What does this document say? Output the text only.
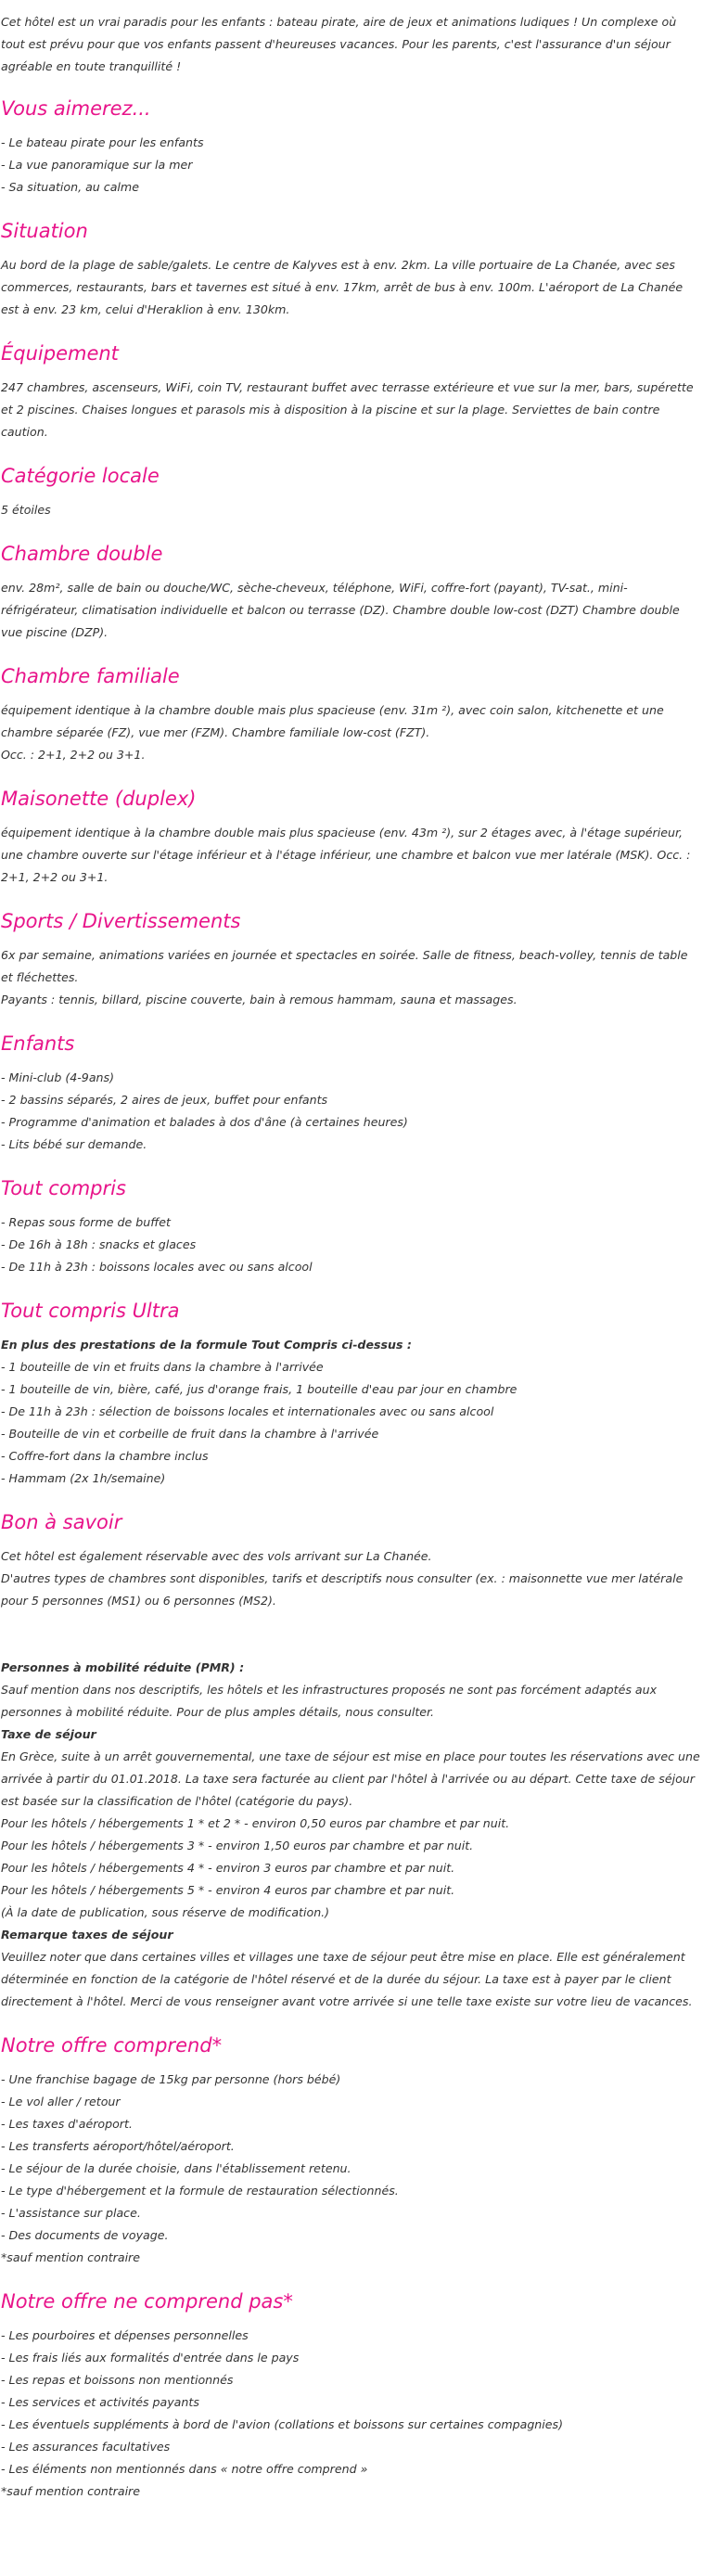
Cet hôtel est un vrai paradis pour les enfants : bateau pirate, aire de jeux et animations ludiques ! Un complexe où tout est prévu pour que vos enfants passent d'heureuses vacances. Pour les parents, c'est l'assurance d'un séjour agréable en toute tranquillité !

Vous aimerez...
- Le bateau pirate pour les enfants
- La vue panoramique sur la mer
- Sa situation, au calme
Situation
Au bord de la plage de sable/galets. Le centre de Kalyves est à env. 2km. La ville portuaire de La Chanée, avec ses commerces, restaurants, bars et tavernes est situé à env. 17km, arrêt de bus à env. 100m. L'aéroport de La Chanée est à env. 23 km, celui d'Heraklion à env. 130km.
Équipement
247 chambres, ascenseurs, WiFi, coin TV, restaurant buffet avec terrasse extérieure et vue sur la mer, bars, supérette et 2 piscines. Chaises longues et parasols mis à disposition à la piscine et sur la plage. Serviettes de bain contre caution.
Catégorie locale
5 étoiles
Chambre double
env. 28m², salle de bain ou douche/WC, sèche-cheveux, téléphone, WiFi, coffre-fort (payant), TV-sat., mini-réfrigérateur, climatisation individuelle et balcon ou terrasse (DZ). Chambre double low-cost (DZT) Chambre double vue piscine (DZP).
Chambre familiale
équipement identique à la chambre double mais plus spacieuse (env. 31m ²), avec coin salon, kitchenette et une chambre séparée (FZ), vue mer (FZM). Chambre familiale low-cost (FZT).
Occ. : 2+1, 2+2 ou 3+1.
Maisonette (duplex)
équipement identique à la chambre double mais plus spacieuse (env. 43m ²), sur 2 étages avec, à l'étage supérieur, une chambre ouverte sur l'étage inférieur et à l'étage inférieur, une chambre et balcon vue mer latérale (MSK). Occ. : 2+1, 2+2 ou 3+1.
Sports / Divertissements
6x par semaine, animations variées en journée et spectacles en soirée. Salle de fitness, beach-volley, tennis de table et fléchettes.
Payants : tennis, billard, piscine couverte, bain à remous hammam, sauna et massages.
Enfants
- Mini-club (4-9ans)
- 2 bassins séparés, 2 aires de jeux, buffet pour enfants
- Programme d'animation et balades à dos d'âne (à certaines heures)
- Lits bébé sur demande.
Tout compris
- Repas sous forme de buffet
- De 16h à 18h : snacks et glaces
- De 11h à 23h : boissons locales avec ou sans alcool
Tout compris Ultra
En plus des prestations de la formule Tout Compris ci-dessus :
- 1 bouteille de vin et fruits dans la chambre à l'arrivée
- 1 bouteille de vin, bière, café, jus d'orange frais, 1 bouteille d'eau par jour en chambre
- De 11h à 23h : sélection de boissons locales et internationales avec ou sans alcool
- Bouteille de vin et corbeille de fruit dans la chambre à l'arrivée
- Coffre-fort dans la chambre inclus
- Hammam (2x 1h/semaine)
Bon à savoir
Cet hôtel est également réservable avec des vols arrivant sur La Chanée.
D'autres types de chambres sont disponibles, tarifs et descriptifs nous consulter (ex. : maisonnette vue mer latérale pour 5 personnes (MS1) ou 6 personnes (MS2).
Personnes à mobilité réduite (PMR) :
Sauf mention dans nos descriptifs, les hôtels et les infrastructures proposés ne sont pas forcément adaptés aux personnes à mobilité réduite. Pour de plus amples détails, nous consulter.
Taxe de séjour
En Grèce, suite à un arrêt gouvernemental, une taxe de séjour est mise en place pour toutes les réservations avec une arrivée à partir du 01.01.2018. La taxe sera facturée au client par l'hôtel à l'arrivée ou au départ. Cette taxe de séjour est basée sur la classification de l'hôtel (catégorie du pays).
Pour les hôtels / hébergements 1 * et 2 * - environ 0,50 euros par chambre et par nuit.
Pour les hôtels / hébergements 3 * - environ 1,50 euros par chambre et par nuit.
Pour les hôtels / hébergements 4 * - environ 3 euros par chambre et par nuit.
Pour les hôtels / hébergements 5 * - environ 4 euros par chambre et par nuit.
(À la date de publication, sous réserve de modification.)
Remarque taxes de séjour
Veuillez noter que dans certaines villes et villages une taxe de séjour peut être mise en place. Elle est généralement déterminée en fonction de la catégorie de l'hôtel réservé et de la durée du séjour. La taxe est à payer par le client directement à l'hôtel. Merci de vous renseigner avant votre arrivée si une telle taxe existe sur votre lieu de vacances.
Notre offre comprend*
- Une franchise bagage de 15kg par personne (hors bébé)
- Le vol aller / retour
- Les taxes d'aéroport.
- Les transferts aéroport/hôtel/aéroport.
- Le séjour de la durée choisie, dans l'établissement retenu.
- Le type d'hébergement et la formule de restauration sélectionnés.
- L'assistance sur place.
- Des documents de voyage.
*sauf mention contraire
Notre offre ne comprend pas*
- Les pourboires et dépenses personnelles
- Les frais liés aux formalités d'entrée dans le pays
- Les repas et boissons non mentionnés
- Les services et activités payants
- Les éventuels suppléments à bord de l'avion (collations et boissons sur certaines compagnies)
- Les assurances facultatives
- Les éléments non mentionnés dans « notre offre comprend »
*sauf mention contraire
